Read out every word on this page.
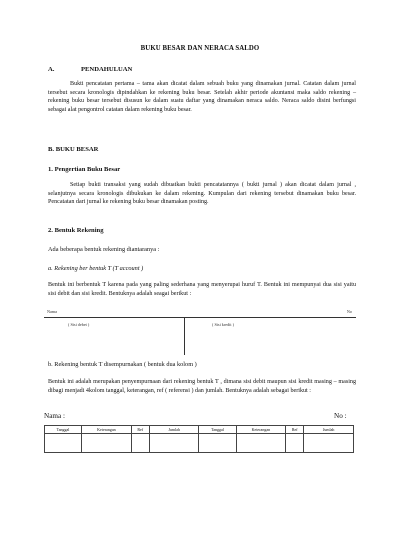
BUKU BESAR DAN NERACA SALDO
A.	PENDAHULUAN
Bukti pencatatan pertama – tama akan dicatat dalam sebuah buku yang dinamakan jurnal. Catatan dalam jurnal tersebut secara kronologis dipindahkan ke rekening buku besar. Setelah akhir periode akuntansi maka saldo rekening – rekening buku besar tersebut disusun ke dalam suatu daftar yang dinamakan neraca saldo. Neraca saldo disini berfungsi sebagai alat pengontrol catatan dalam rekening buku besar.
B. BUKU BESAR
1. Pengertian Buku Besar
Setiap bukti transaksi yang sudah dibuatkan bukti pencatatannya ( bukti jurnal ) akan dicatat dalam jurnal , selanjutnya secara kronologis dibukukan ke dalam rekening. Kumpulan dari rekening tersebut dinamakan buku besar. Pencatatan dari jurnal ke rekening buku besar dinamakan posting.
2. Bentuk Rekening
Ada beberapa bentuk rekening diantaranya :
a. Rekening ber bentuk T (T account )
Bentuk ini berbentuk T karena pada yang paling sederhana yang menyerupai huruf T. Bentuk ini mempunyai dua sisi yaitu sisi debit dan sisi kredit. Bentuknya adalah seagai berikut :
Nama	No
( Sisi debet )	( Sisi kredit )
b. Rekening bentuk T disempurnakan ( bentuk dua kolom )
Bentuk ini adalah merupakan penyempurnaan dari rekening bentuk T , dimana sisi debit maupun sisi kredit masing – masing dibagi menjadi 4kolom tanggal, keterangan, ref ( referensi ) dan jumlah. Bentuknya adalah sebagai berikut :
Nama :	No :
Tanggal	Keterangan	Ref	Jumlah	Tanggal	Keterangan	Ref	Jumlah
